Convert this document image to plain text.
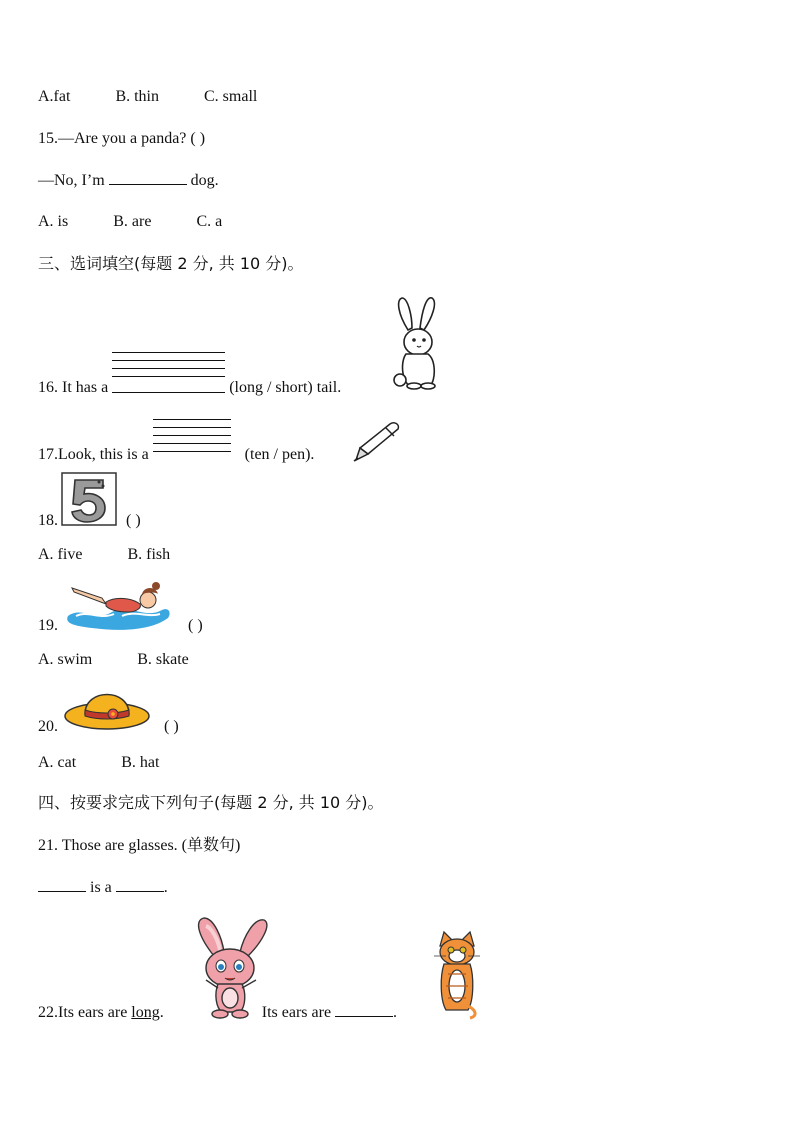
A.fat	B. thin	C. small
15.—Are you a panda? ( )
—No, I’m	dog.
A. is	B. are	C. a
三、选词填空(每题 2 分, 共 10 分)。
16. It has a	(long / short) tail.
17.Look, this is a	(ten / pen).
18.	( )
A. five	B. fish
19.	( )
A. swim	B. skate
20.	( )
A. cat	B. hat
四、按要求完成下列句子(每题 2 分, 共 10 分)。
21. Those are glasses. (单数句)
is a	.
22.Its ears are long.	Its ears are	.
